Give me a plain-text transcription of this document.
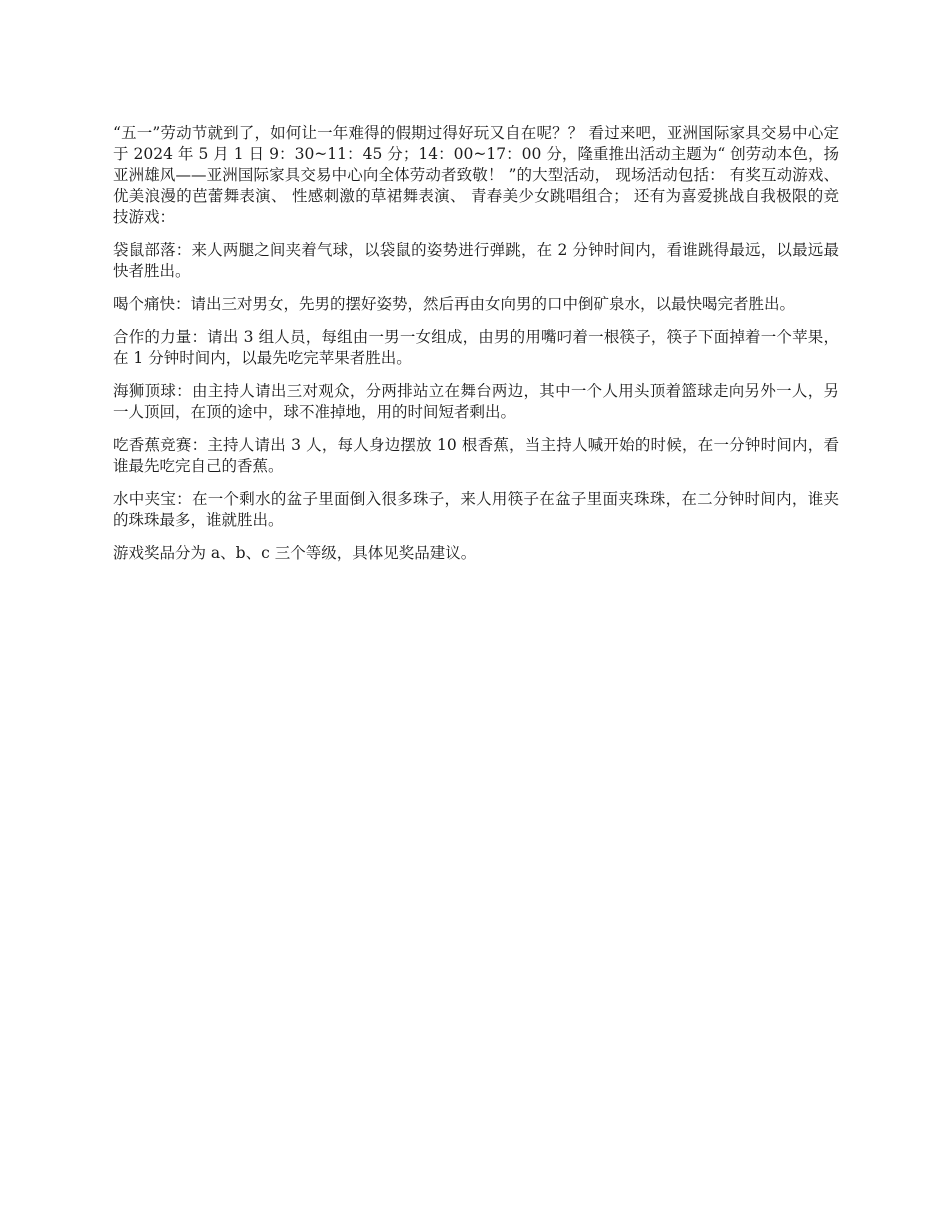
“五一”劳动节就到了，如何让一年难得的假期过得好玩又自在呢？？ 看过来吧，亚洲国际家具交易中心定于 2024 年 5 月 1 日 9：30~11：45 分；14：00~17：00 分，隆重推出活动主题为“ 创劳动本色，扬亚洲雄风——亚洲国际家具交易中心向全体劳动者致敬！ ”的大型活动， 现场活动包括： 有奖互动游戏、 优美浪漫的芭蕾舞表演、 性感刺激的草裙舞表演、 青春美少女跳唱组合； 还有为喜爱挑战自我极限的竞技游戏：

袋鼠部落：来人两腿之间夹着气球，以袋鼠的姿势进行弹跳，在 2 分钟时间内，看谁跳得最远，以最远最快者胜出。

喝个痛快：请出三对男女，先男的摆好姿势，然后再由女向男的口中倒矿泉水，以最快喝完者胜出。

合作的力量：请出 3 组人员，每组由一男一女组成，由男的用嘴叼着一根筷子，筷子下面掉着一个苹果，在 1 分钟时间内，以最先吃完苹果者胜出。

海狮顶球：由主持人请出三对观众，分两排站立在舞台两边，其中一个人用头顶着篮球走向另外一人，另一人顶回，在顶的途中，球不准掉地，用的时间短者剩出。

吃香蕉竞赛：主持人请出 3 人，每人身边摆放 10 根香蕉，当主持人喊开始的时候，在一分钟时间内，看谁最先吃完自己的香蕉。

水中夹宝：在一个剩水的盆子里面倒入很多珠子，来人用筷子在盆子里面夹珠珠，在二分钟时间内，谁夹的珠珠最多，谁就胜出。

游戏奖品分为 a、b、c 三个等级，具体见奖品建议。
